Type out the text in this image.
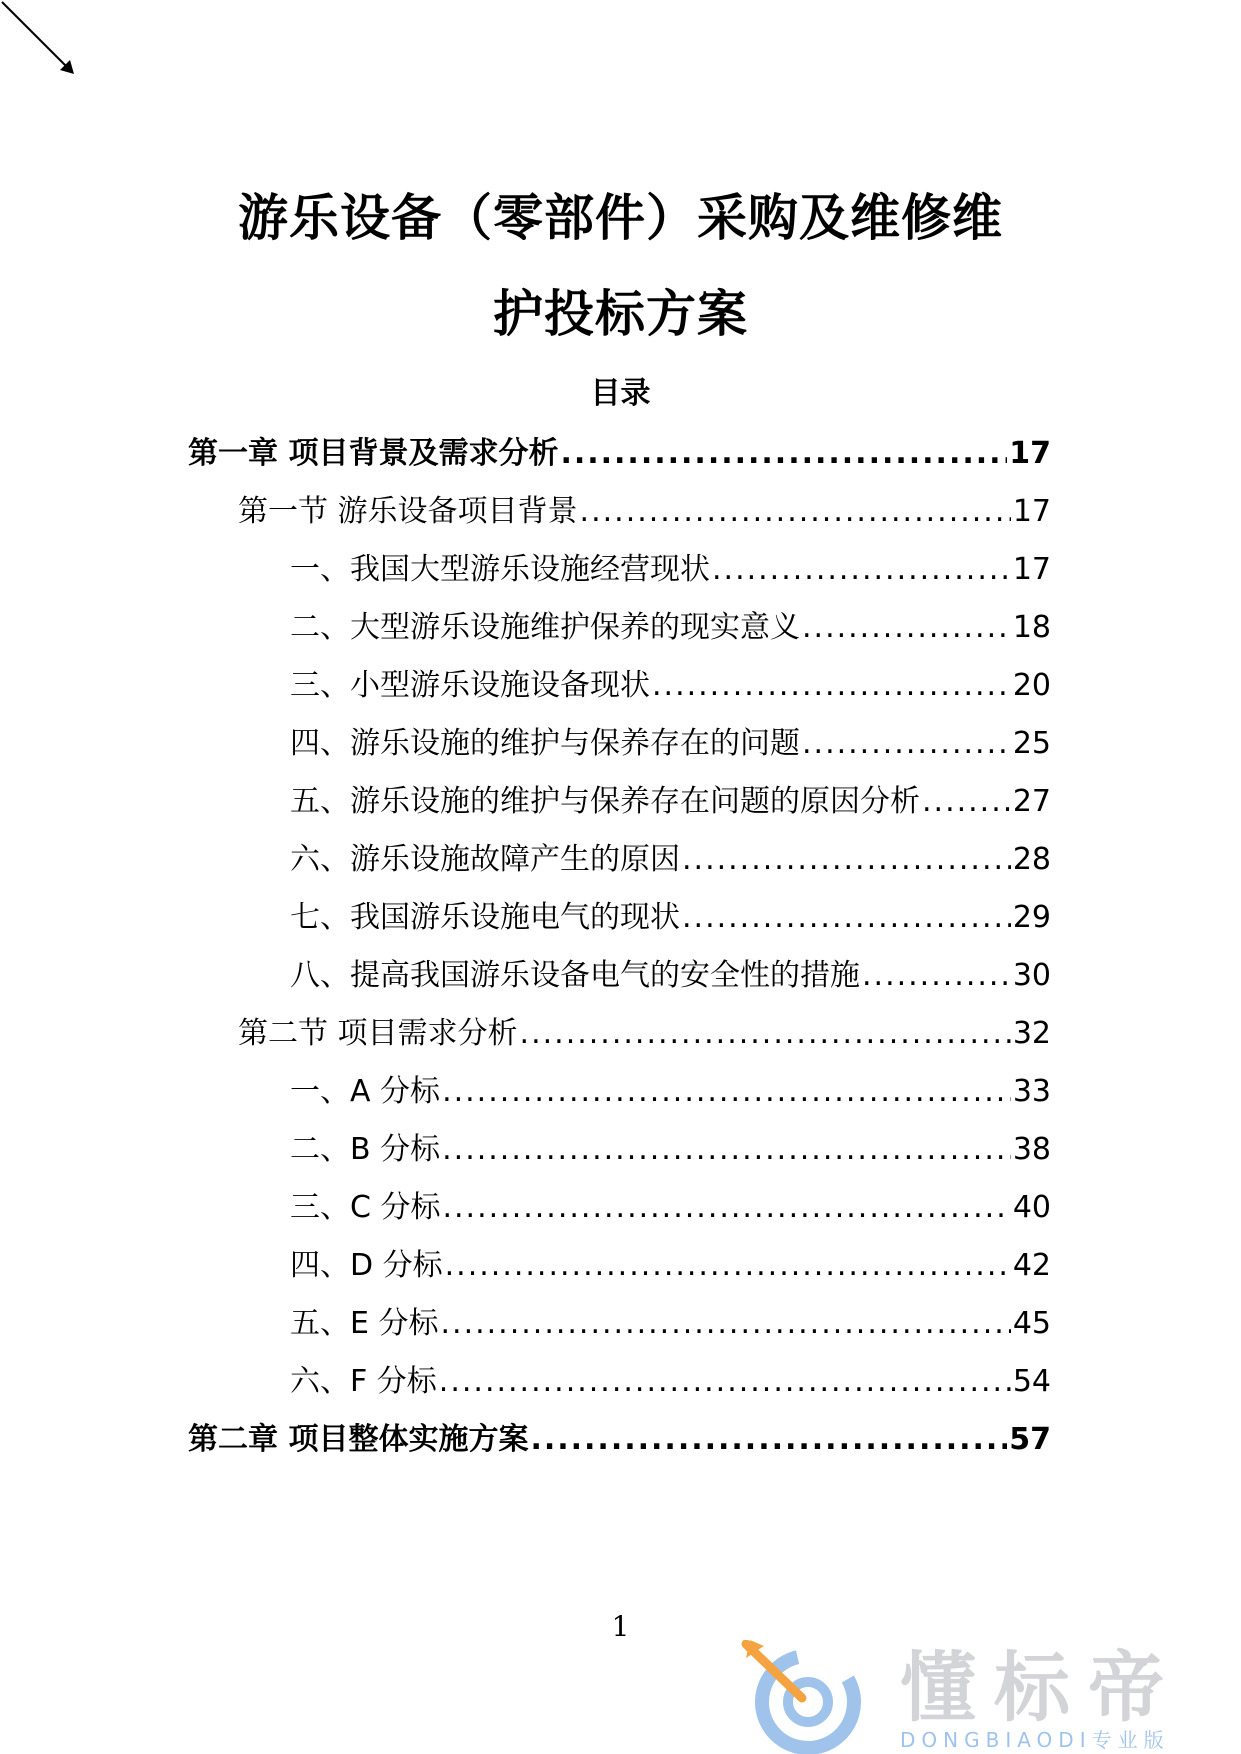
游乐设备（零部件）采购及维修维
护投标方案
目录
第一章 项目背景及需求分析 .....	17
第一节 游乐设备项目背景 .....	17
一、我国大型游乐设施经营现状 .....	17
二、大型游乐设施维护保养的现实意义 .....	18
三、小型游乐设施设备现状 .....	20
四、游乐设施的维护与保养存在的问题 .....	25
五、游乐设施的维护与保养存在问题的原因分析 .....	27
六、游乐设施故障产生的原因 .....	28
七、我国游乐设施电气的现状 .....	29
八、提高我国游乐设备电气的安全性的措施 .....	30
第二节 项目需求分析 .....	32
一、A 分标 .....	33
二、B 分标 .....	38
三、C 分标 .....	40
四、D 分标 .....	42
五、E 分标 .....	45
六、F 分标 .....	54
第二章 项目整体实施方案 .....	57
1
懂标帝
DONGBIAODI专业版
